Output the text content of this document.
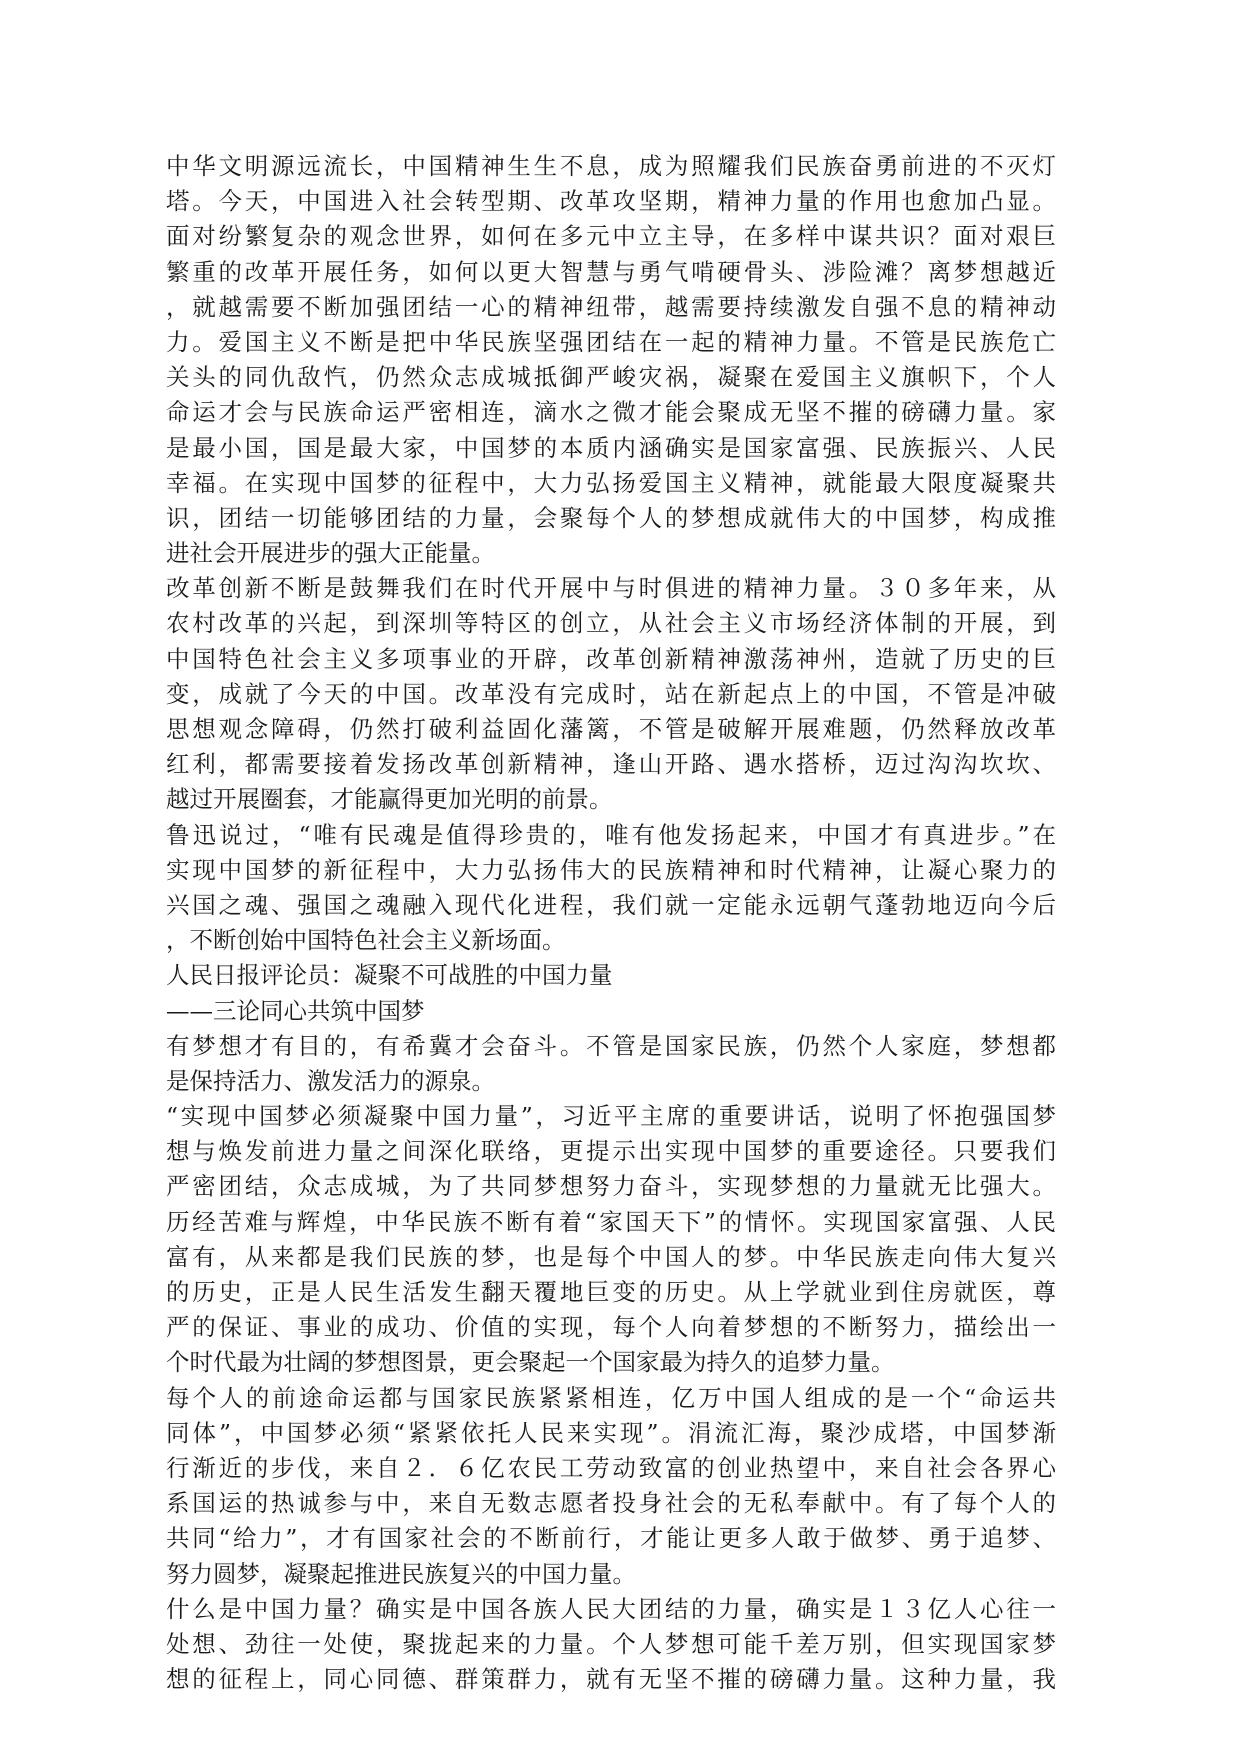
中华文明源远流长，中国精神生生不息，成为照耀我们民族奋勇前进的不灭灯
塔。今天，中国进入社会转型期、改革攻坚期，精神力量的作用也愈加凸显。
面对纷繁复杂的观念世界，如何在多元中立主导，在多样中谋共识？面对艰巨
繁重的改革开展任务，如何以更大智慧与勇气啃硬骨头、涉险滩？离梦想越近
，就越需要不断加强团结一心的精神纽带，越需要持续激发自强不息的精神动
力。爱国主义不断是把中华民族坚强团结在一起的精神力量。不管是民族危亡
关头的同仇敌忾，仍然众志成城抵御严峻灾祸，凝聚在爱国主义旗帜下，个人
命运才会与民族命运严密相连，滴水之微才能会聚成无坚不摧的磅礴力量。家
是最小国，国是最大家，中国梦的本质内涵确实是国家富强、民族振兴、人民
幸福。在实现中国梦的征程中，大力弘扬爱国主义精神，就能最大限度凝聚共
识，团结一切能够团结的力量，会聚每个人的梦想成就伟大的中国梦，构成推
进社会开展进步的强大正能量。
改革创新不断是鼓舞我们在时代开展中与时俱进的精神力量。３０多年来，从
农村改革的兴起，到深圳等特区的创立，从社会主义市场经济体制的开展，到
中国特色社会主义多项事业的开辟，改革创新精神激荡神州，造就了历史的巨
变，成就了今天的中国。改革没有完成时，站在新起点上的中国，不管是冲破
思想观念障碍，仍然打破利益固化藩篱，不管是破解开展难题，仍然释放改革
红利，都需要接着发扬改革创新精神，逢山开路、遇水搭桥，迈过沟沟坎坎、
越过开展圈套，才能赢得更加光明的前景。
鲁迅说过，“唯有民魂是值得珍贵的，唯有他发扬起来，中国才有真进步。”在
实现中国梦的新征程中，大力弘扬伟大的民族精神和时代精神，让凝心聚力的
兴国之魂、强国之魂融入现代化进程，我们就一定能永远朝气蓬勃地迈向今后
，不断创始中国特色社会主义新场面。
人民日报评论员：凝聚不可战胜的中国力量
——三论同心共筑中国梦
有梦想才有目的，有希冀才会奋斗。不管是国家民族，仍然个人家庭，梦想都
是保持活力、激发活力的源泉。
“实现中国梦必须凝聚中国力量”，习近平主席的重要讲话，说明了怀抱强国梦
想与焕发前进力量之间深化联络，更提示出实现中国梦的重要途径。只要我们
严密团结，众志成城，为了共同梦想努力奋斗，实现梦想的力量就无比强大。
历经苦难与辉煌，中华民族不断有着“家国天下”的情怀。实现国家富强、人民
富有，从来都是我们民族的梦，也是每个中国人的梦。中华民族走向伟大复兴
的历史，正是人民生活发生翻天覆地巨变的历史。从上学就业到住房就医，尊
严的保证、事业的成功、价值的实现，每个人向着梦想的不断努力，描绘出一
个时代最为壮阔的梦想图景，更会聚起一个国家最为持久的追梦力量。
每个人的前途命运都与国家民族紧紧相连，亿万中国人组成的是一个“命运共
同体”，中国梦必须“紧紧依托人民来实现”。涓流汇海，聚沙成塔，中国梦渐
行渐近的步伐，来自２．６亿农民工劳动致富的创业热望中，来自社会各界心
系国运的热诚参与中，来自无数志愿者投身社会的无私奉献中。有了每个人的
共同“给力”，才有国家社会的不断前行，才能让更多人敢于做梦、勇于追梦、
努力圆梦，凝聚起推进民族复兴的中国力量。
什么是中国力量？确实是中国各族人民大团结的力量，确实是１３亿人心往一
处想、劲往一处使，聚拢起来的力量。个人梦想可能千差万别，但实现国家梦
想的征程上，同心同德、群策群力，就有无坚不摧的磅礴力量。这种力量，我
